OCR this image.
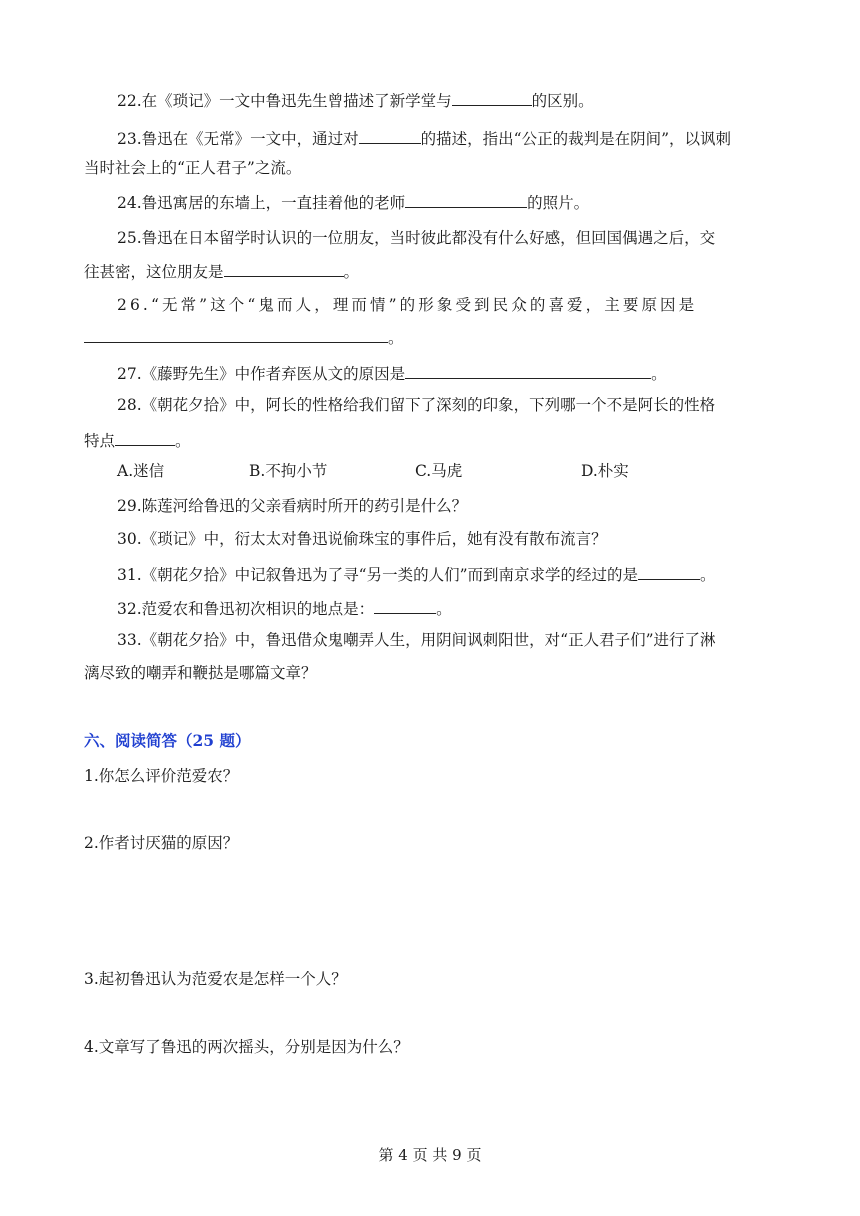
22.在《琐记》一文中鲁迅先生曾描述了新学堂与	的区别。
23.鲁迅在《无常》一文中，通过对	的描述，指出“公正的裁判是在阴间”，以讽刺
当时社会上的“正人君子”之流。
24.鲁迅寓居的东墙上，一直挂着他的老师	的照片。
25.鲁迅在日本留学时认识的一位朋友，当时彼此都没有什么好感，但回国偶遇之后，交
往甚密，这位朋友是	。
26.“无常”这个“鬼而人，理而情”的形象受到民众的喜爱，主要原因是
。
27.《藤野先生》中作者弃医从文的原因是	。
28.《朝花夕拾》中，阿长的性格给我们留下了深刻的印象，下列哪一个不是阿长的性格
特点	。
A.迷信	B.不拘小节	C.马虎	D.朴实
29.陈莲河给鲁迅的父亲看病时所开的药引是什么？
30.《琐记》中，衍太太对鲁迅说偷珠宝的事件后，她有没有散布流言？
31.《朝花夕拾》中记叙鲁迅为了寻“另一类的人们”而到南京求学的经过的是	。
32.范爱农和鲁迅初次相识的地点是：	。
33.《朝花夕拾》中，鲁迅借众鬼嘲弄人生，用阴间讽刺阳世，对“正人君子们”进行了淋
漓尽致的嘲弄和鞭挞是哪篇文章？
六、阅读简答（25 题）
1.你怎么评价范爱农？
2.作者讨厌猫的原因？
3.起初鲁迅认为范爱农是怎样一个人？
4.文章写了鲁迅的两次摇头，分别是因为什么？
第 4 页 共 9 页
